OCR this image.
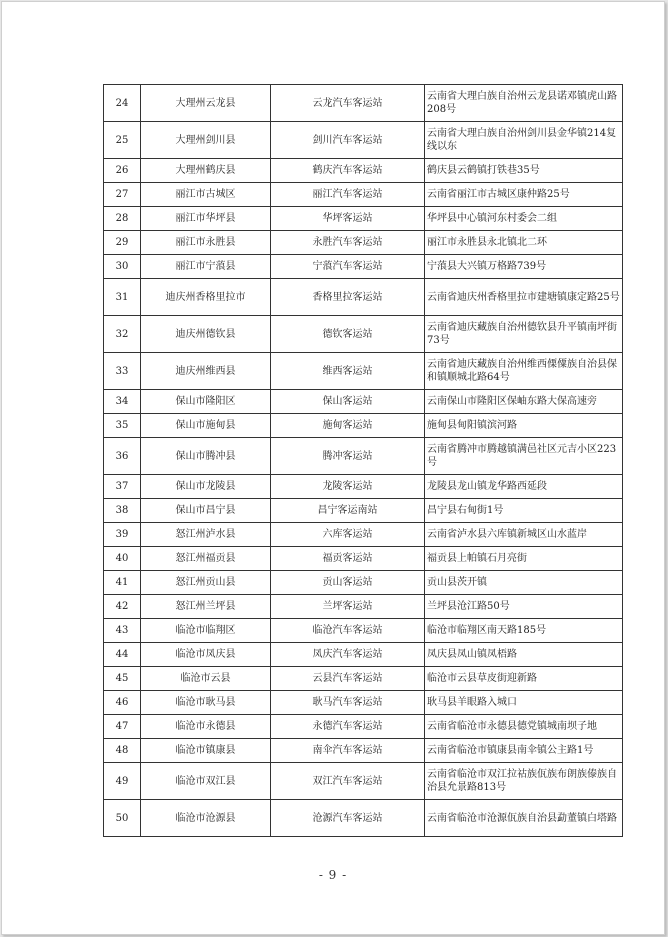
24	大理州云龙县	云龙汽车客运站	云南省大理白族自治州云龙县诺邓镇虎山路208号
25	大理州剑川县	剑川汽车客运站	云南省大理白族自治州剑川县金华镇214复线以东
26	大理州鹤庆县	鹤庆汽车客运站	鹤庆县云鹤镇打铁巷35号
27	丽江市古城区	丽江汽车客运站	云南省丽江市古城区康仲路25号
28	丽江市华坪县	华坪客运站	华坪县中心镇河东村委会二组
29	丽江市永胜县	永胜汽车客运站	丽江市永胜县永北镇北二环
30	丽江市宁蒗县	宁蒗汽车客运站	宁蒗县大兴镇万格路739号
31	迪庆州香格里拉市	香格里拉客运站	云南省迪庆州香格里拉市建塘镇康定路25号
32	迪庆州德钦县	德钦客运站	云南省迪庆藏族自治州德钦县升平镇南坪街73号
33	迪庆州维西县	维西客运站	云南省迪庆藏族自治州维西傈僳族自治县保和镇顺城北路64号
34	保山市隆阳区	保山客运站	云南保山市隆阳区保岫东路大保高速旁
35	保山市施甸县	施甸客运站	施甸县甸阳镇滨河路
36	保山市腾冲县	腾冲客运站	云南省腾冲市腾越镇满邑社区元吉小区223号
37	保山市龙陵县	龙陵客运站	龙陵县龙山镇龙华路西延段
38	保山市昌宁县	昌宁客运南站	昌宁县右甸街1号
39	怒江州泸水县	六库客运站	云南省泸水县六库镇新城区山水蓝岸
40	怒江州福贡县	福贡客运站	福贡县上帕镇石月亮街
41	怒江州贡山县	贡山客运站	贡山县茨开镇
42	怒江州兰坪县	兰坪客运站	兰坪县沧江路50号
43	临沧市临翔区	临沧汽车客运站	临沧市临翔区南天路185号
44	临沧市凤庆县	凤庆汽车客运站	凤庆县凤山镇凤梧路
45	临沧市云县	云县汽车客运站	临沧市云县草皮街迎新路
46	临沧市耿马县	耿马汽车客运站	耿马县羊眼路入城口
47	临沧市永德县	永德汽车客运站	云南省临沧市永德县德党镇城南坝子地
48	临沧市镇康县	南伞汽车客运站	云南省临沧市镇康县南伞镇公主路1号
49	临沧市双江县	双江汽车客运站	云南省临沧市双江拉祜族佤族布朗族傣族自治县允景路813号
50	临沧市沧源县	沧源汽车客运站	云南省临沧市沧源佤族自治县勐董镇白塔路
- 9 -
